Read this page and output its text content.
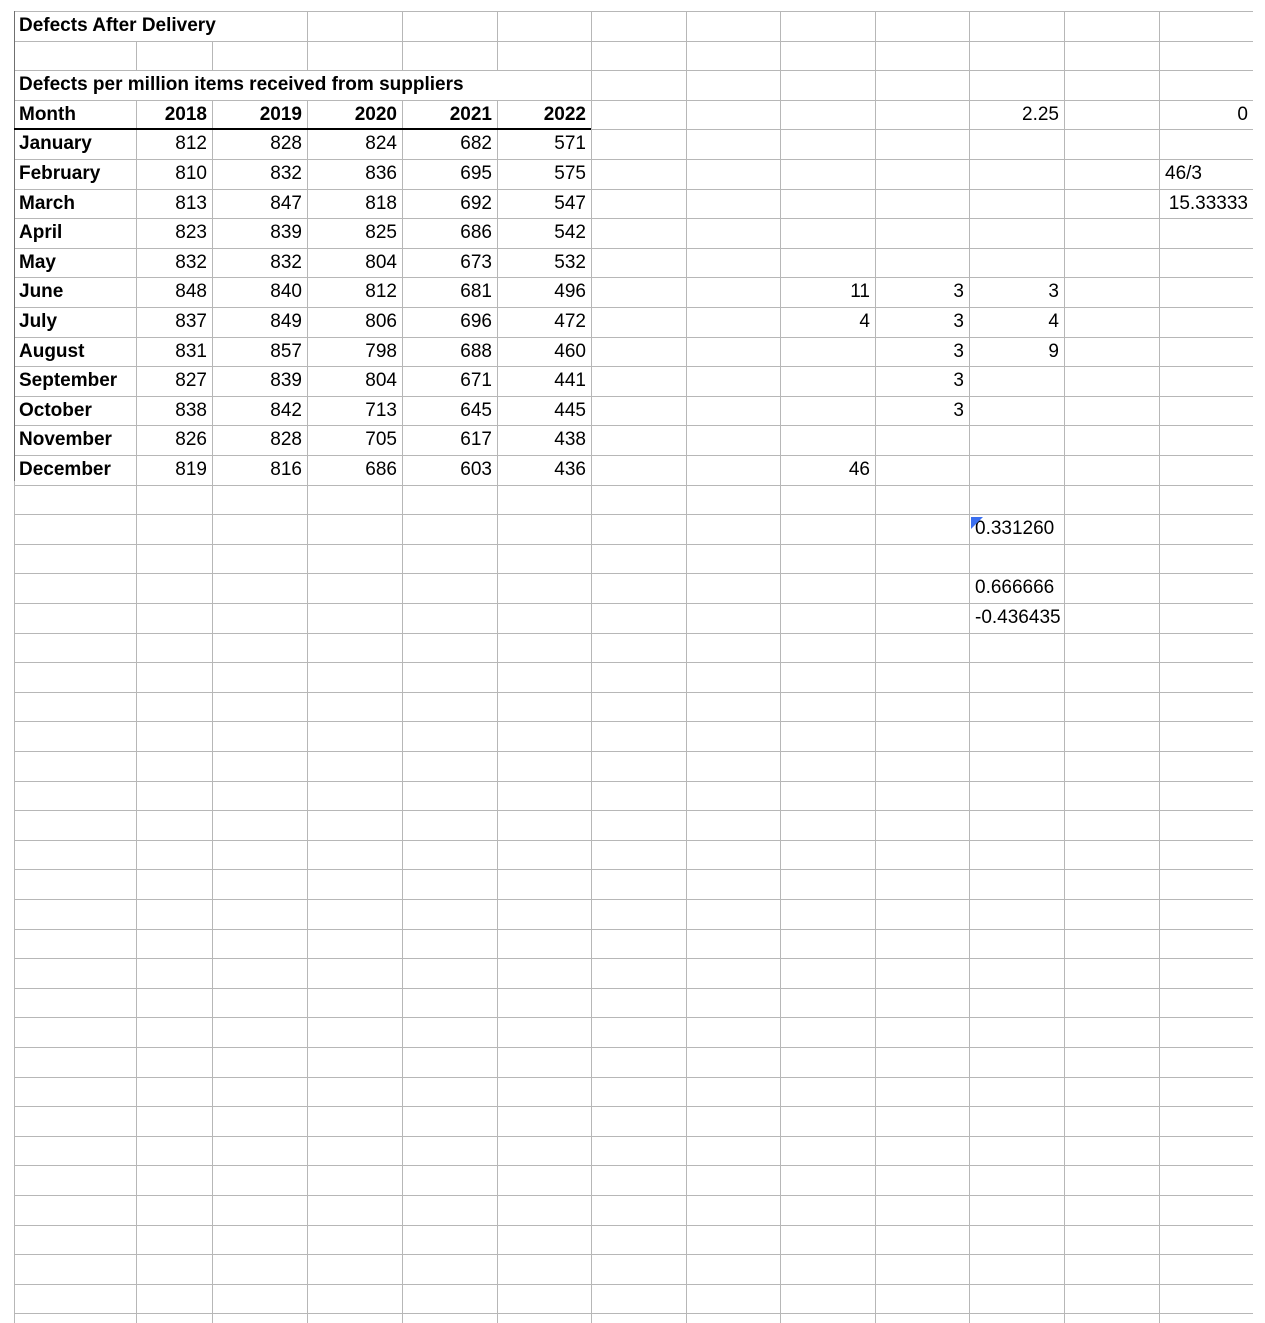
Defects After Delivery
Defects per million items received from suppliers
Month	2018	2019	2020	2021	2022
January	812	828	824	682	571
February	810	832	836	695	575
March	813	847	818	692	547
April	823	839	825	686	542
May	832	832	804	673	532
June	848	840	812	681	496
July	837	849	806	696	472
August	831	857	798	688	460
September	827	839	804	671	441
October	838	842	713	645	445
November	826	828	705	617	438
December	819	816	686	603	436
2.25	0
46/3
15.33333
11	3	3
4	3	4
3	9
3
3
46
0.331260
0.666666
-0.436435
